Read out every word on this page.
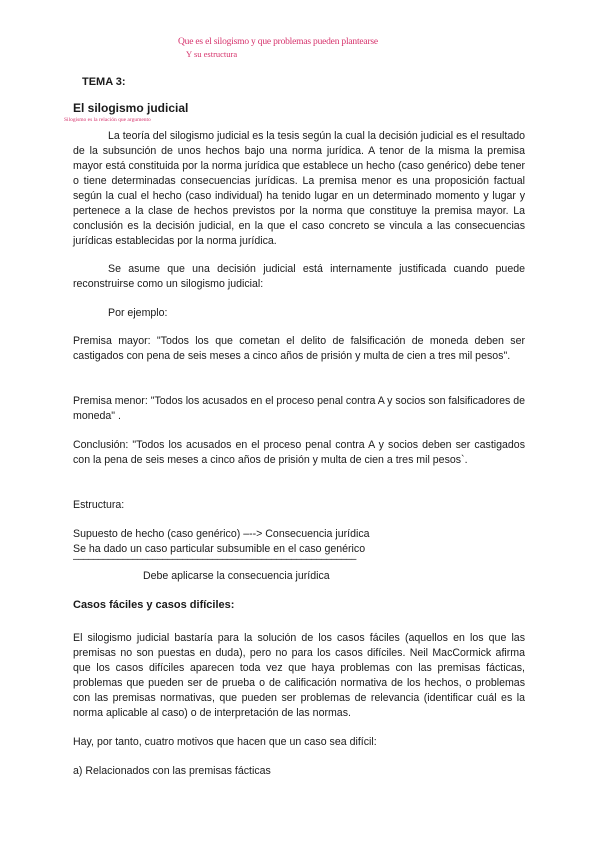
Que es el silogismo y que problemas pueden plantearse
Y su estructura
Silogismo es la relación que argumento
TEMA 3:
El silogismo judicial

La teoría del silogismo judicial es la tesis según la cual la decisión judicial es el resultado de la subsunción de unos hechos bajo una norma jurídica. A tenor de la misma la premisa mayor está constituida por la norma jurídica que establece un hecho (caso genérico) debe tener o tiene determinadas consecuencias jurídicas. La premisa menor es una proposición factual según la cual el hecho (caso individual) ha tenido lugar en un determinado momento y lugar y pertenece a la clase de hechos previstos por la norma que constituye la premisa mayor. La conclusión es la decisión judicial, en la que el caso concreto se vincula a las consecuencias jurídicas establecidas por la norma jurídica.

Se asume que una decisión judicial está internamente justificada cuando puede reconstruirse como un silogismo judicial:

Por ejemplo:

Premisa mayor: "Todos los que cometan el delito de falsificación de moneda deben ser castigados con pena de seis meses a cinco años de prisión y multa de cien a tres mil pesos".

Premisa menor: "Todos los acusados en el proceso penal contra A y socios son falsificadores de moneda" .

Conclusión: "Todos los acusados en el proceso penal contra A y socios deben ser castigados con la pena de seis meses a cinco años de prisión y multa de cien a tres mil pesos`.

Estructura:

Supuesto de hecho (caso genérico) –--> Consecuencia jurídica

Se ha dado un caso particular subsumible en el caso genérico

–––––––––––––––––––––––––––––––––––––––––––––––––––––––––
Debe aplicarse la consecuencia jurídica
Casos fáciles y casos difíciles:

El silogismo judicial bastaría para la solución de los casos fáciles (aquellos en los que las premisas no son puestas en duda), pero no para los casos difíciles. Neil MacCormick afirma que los casos difíciles aparecen toda vez que haya problemas con las premisas fácticas, problemas que pueden ser de prueba o de calificación normativa de los hechos, o problemas con las premisas normativas, que pueden ser problemas de relevancia (identificar cuál es la norma aplicable al caso) o de interpretación de las normas.

Hay, por tanto, cuatro motivos que hacen que un caso sea difícil:

a) Relacionados con las premisas fácticas
